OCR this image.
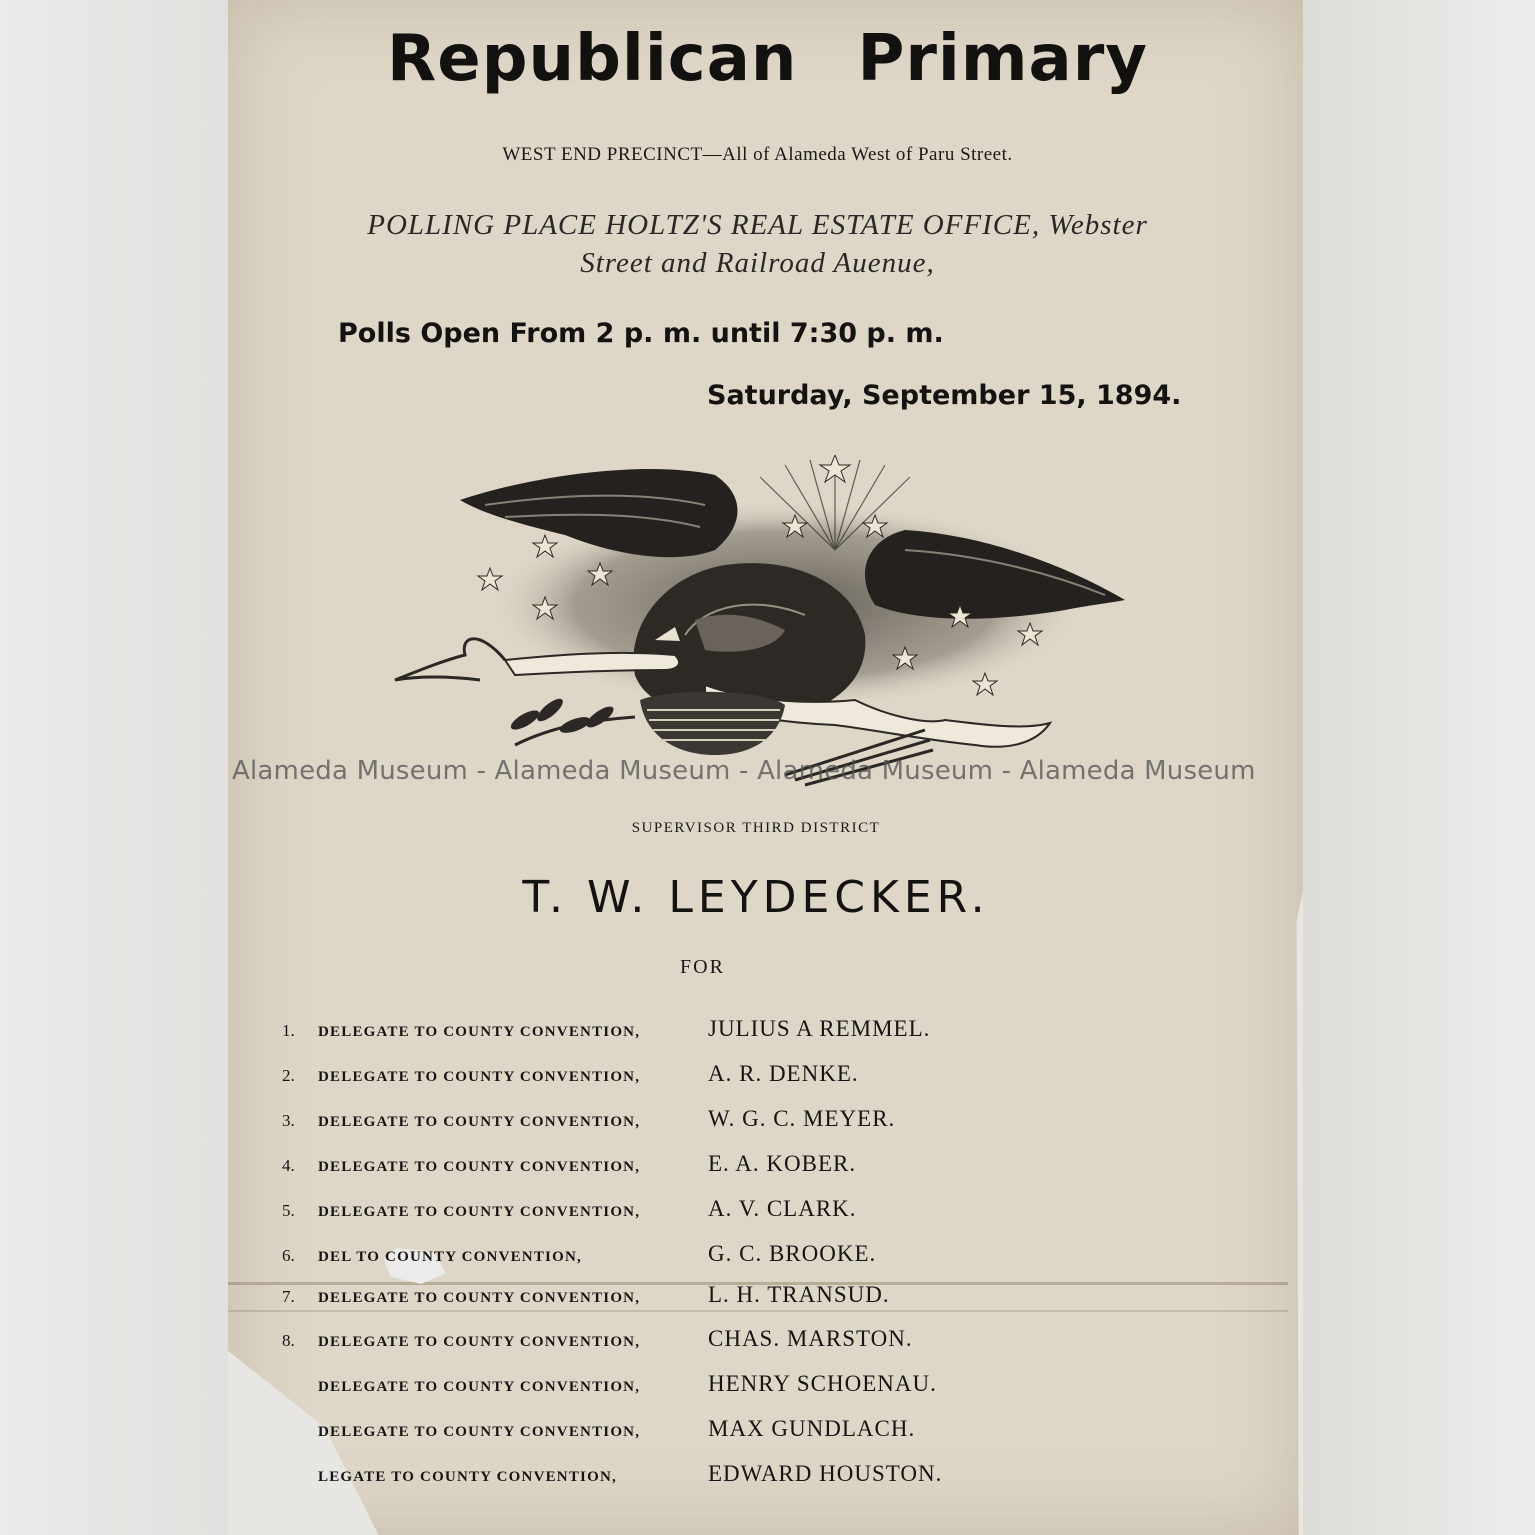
Republican Primary
WEST END PRECINCT—All of Alameda West of Paru Street.
POLLING PLACE HOLTZ'S REAL ESTATE OFFICE, Webster
Street and Railroad Auenue,
Polls Open From 2 p. m. until 7:30 p. m.
Saturday, September 15, 1894.
Alameda Museum - Alameda Museum - Alameda Museum - Alameda Museum
SUPERVISOR THIRD DISTRICT
T. W. LEYDECKER.
FOR
1. DELEGATE TO COUNTY CONVENTION,	JULIUS A REMMEL.
2. DELEGATE TO COUNTY CONVENTION,	A. R. DENKE.
3. DELEGATE TO COUNTY CONVENTION,	W. G. C. MEYER.
4. DELEGATE TO COUNTY CONVENTION,	E. A. KOBER.
5. DELEGATE TO COUNTY CONVENTION,	A. V. CLARK.
6. DEL TO COUNTY CONVENTION,	G. C. BROOKE.
7. DELEGATE TO COUNTY CONVENTION,	L. H. TRANSUD.
8. DELEGATE TO COUNTY CONVENTION,	CHAS. MARSTON.
DELEGATE TO COUNTY CONVENTION,	HENRY SCHOENAU.
DELEGATE TO COUNTY CONVENTION,	MAX GUNDLACH.
LEGATE TO COUNTY CONVENTION,	EDWARD HOUSTON.
